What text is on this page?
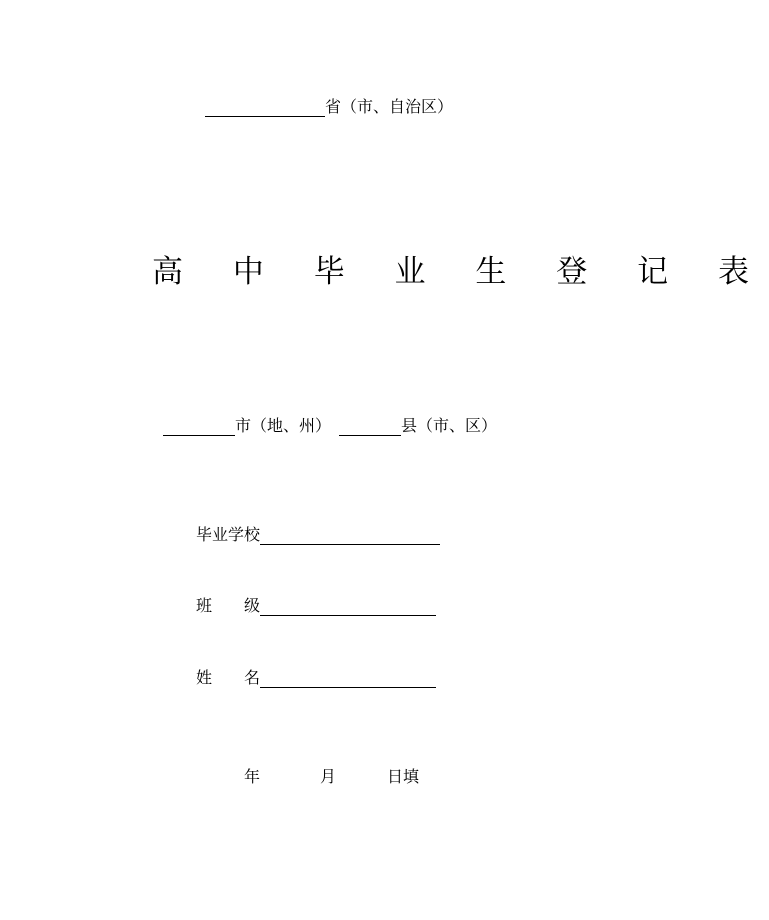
省（市、自治区）
高 中 毕 业 生 登 记 表
市（地、州）	县（市、区）
毕业学校
班　　级
姓　　名
年	月	日填
